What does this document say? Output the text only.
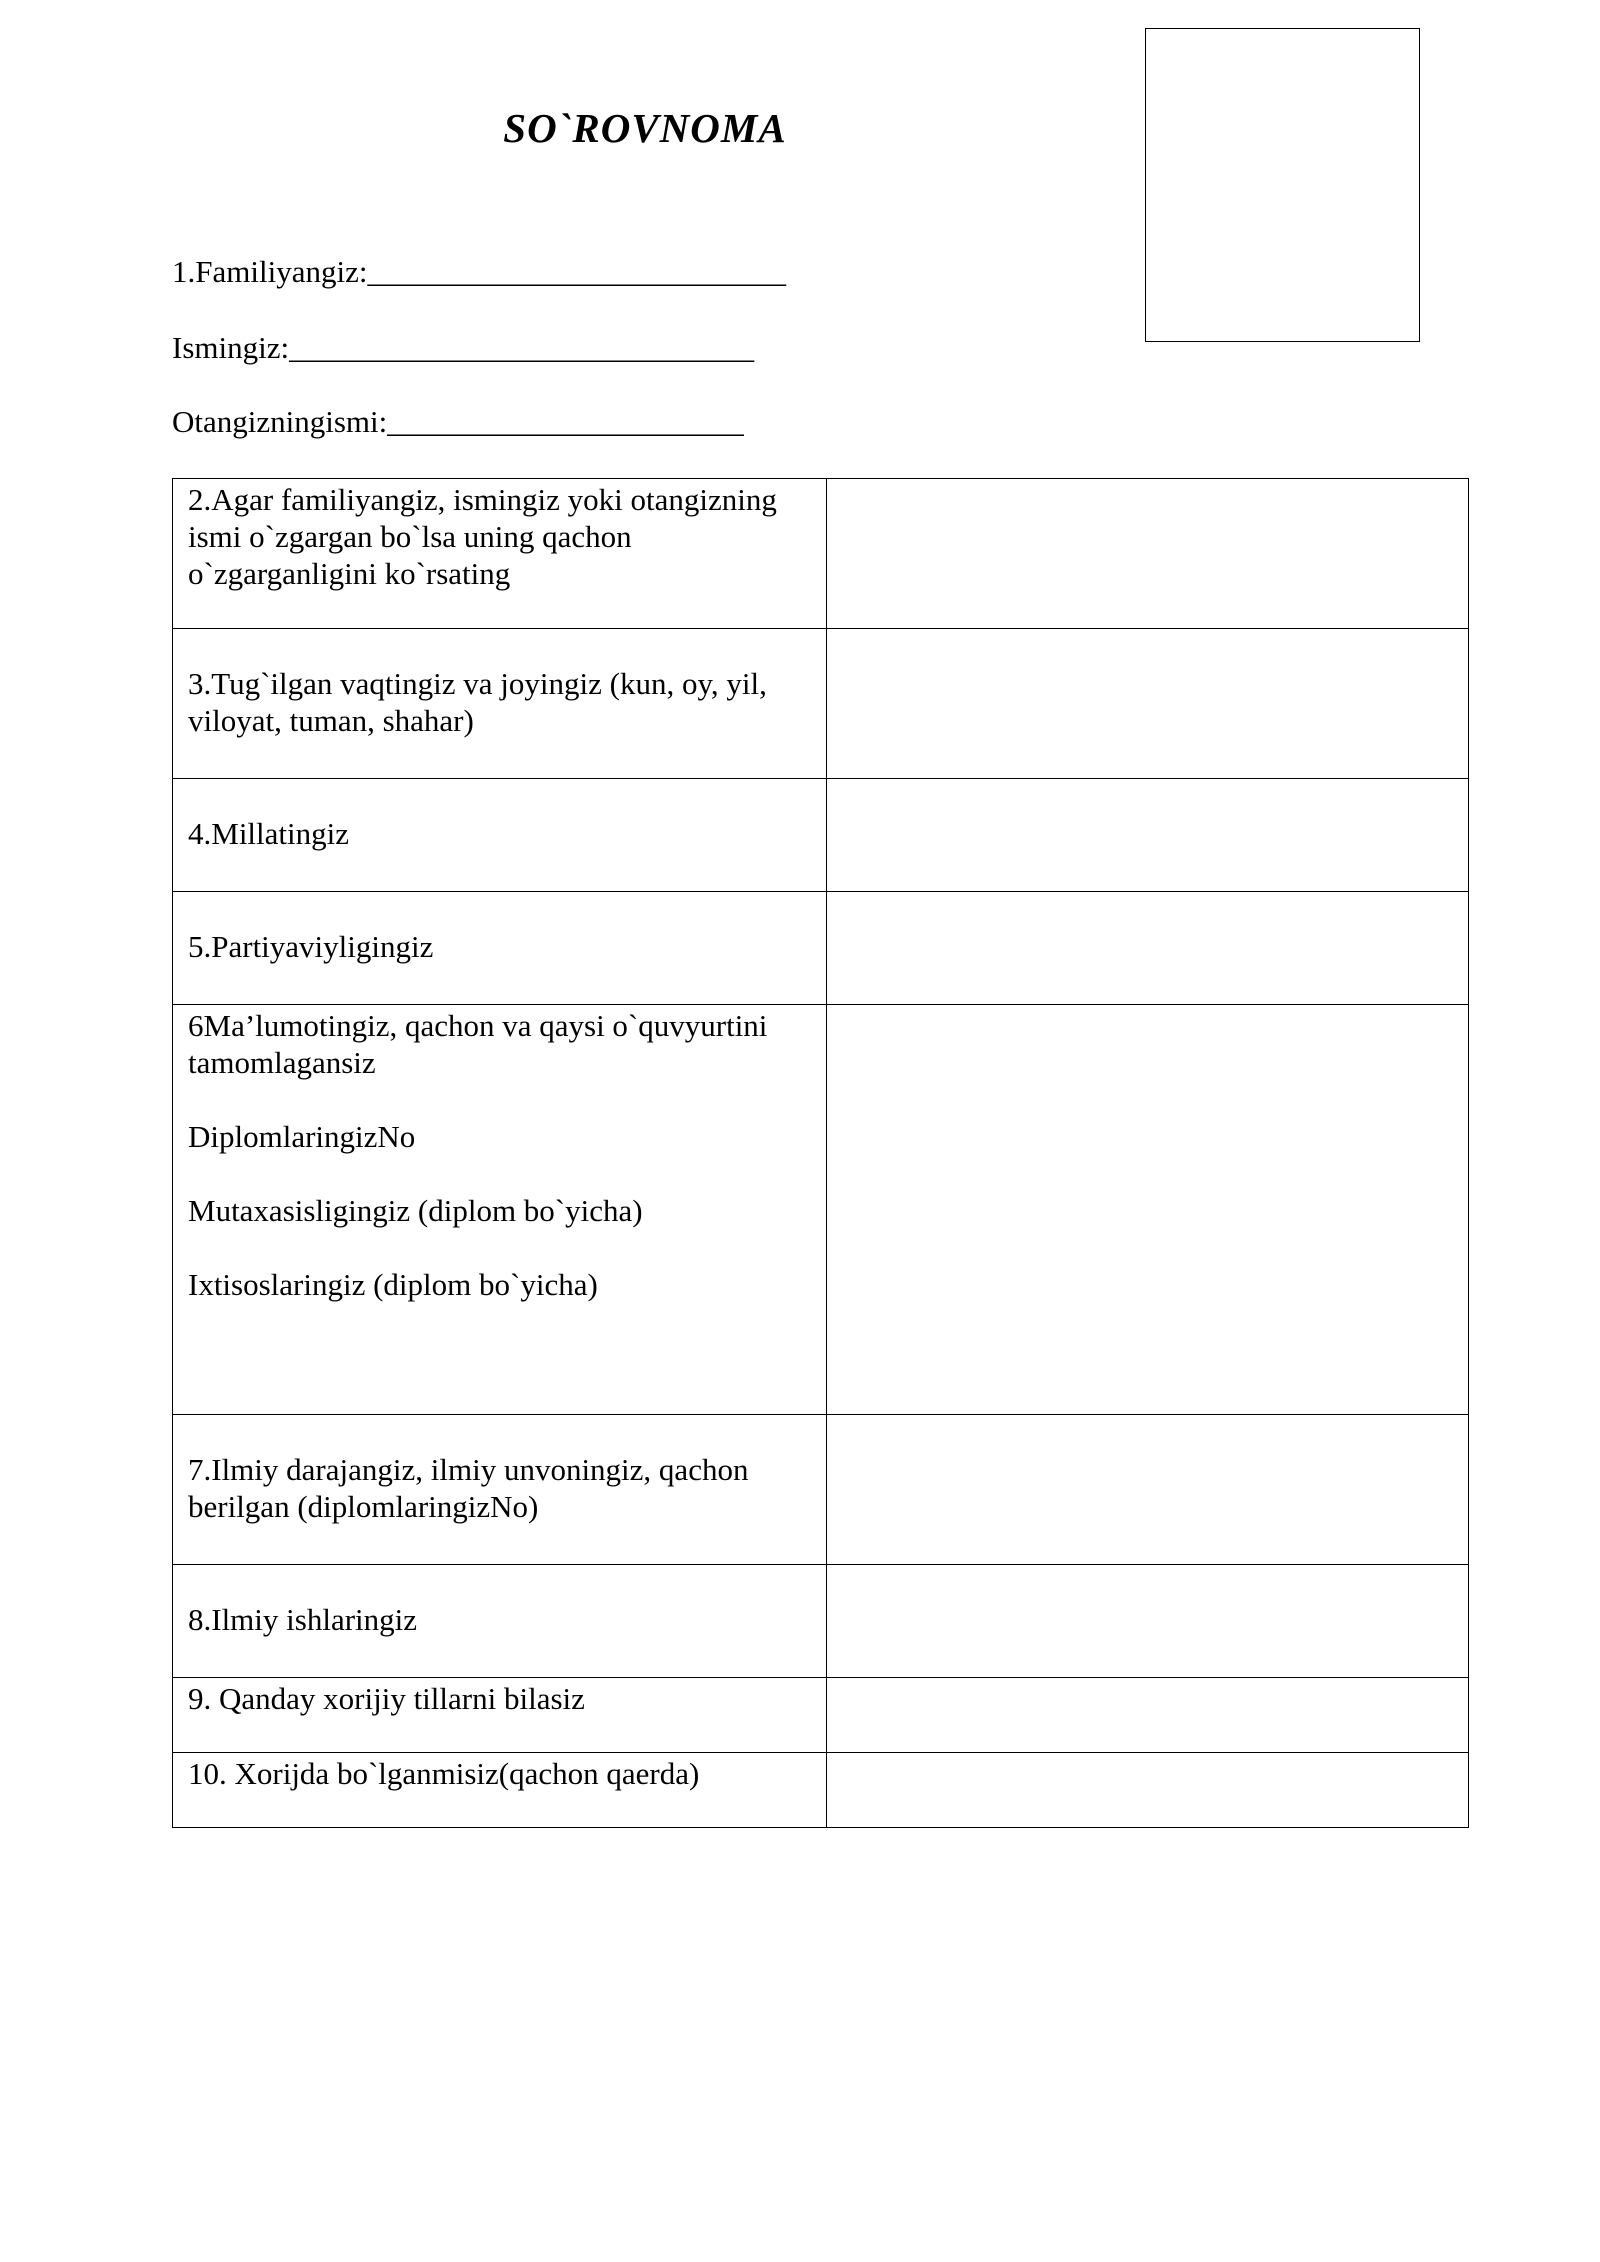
SO`ROVNOMA
1.Familiyangiz:___________________________
Ismingiz:______________________________
Otangizningismi:_______________________
2.Agar familiyangiz, ismingiz yoki otangizning ismi o`zgargan bo`lsa uning qachon o`zgarganligini ko`rsating	

3.Tug`ilgan vaqtingiz va joyingiz (kun, oy, yil, viloyat, tuman, shahar)	

4.Millatingiz	

5.Partiyaviyligingiz	

6Ma’lumotingiz, qachon va qaysi o`quvyurtini tamomlagansiz
DiplomlaringizNo
Mutaxasisligingiz (diplom bo`yicha)
Ixtisoslaringiz (diplom bo`yicha)	

7.Ilmiy darajangiz, ilmiy unvoningiz, qachon berilgan (diplomlaringizNo)	

8.Ilmiy ishlaringiz	

9. Qanday xorijiy tillarni bilasiz	

10. Xorijda bo`lganmisiz(qachon qaerda)	
